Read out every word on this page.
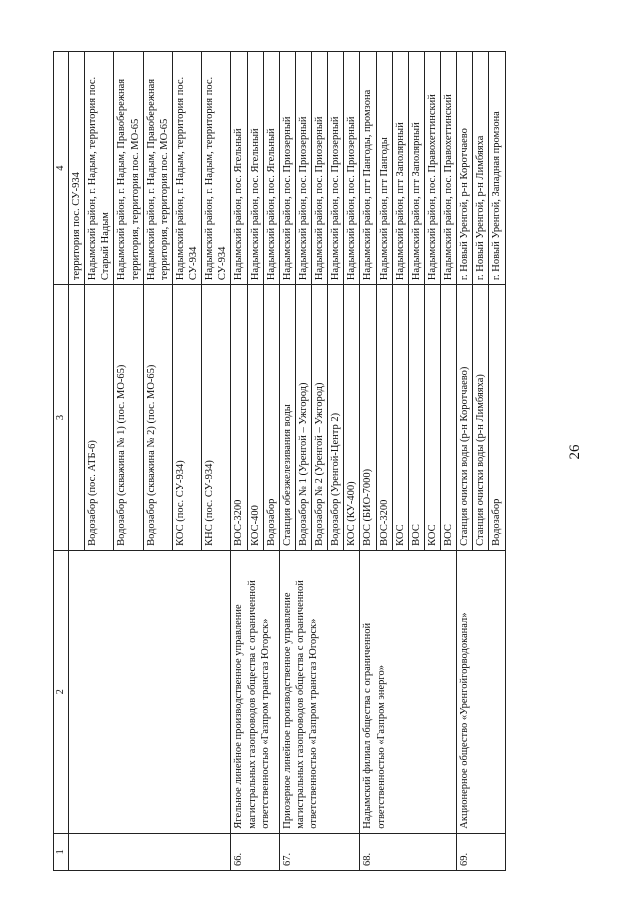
26
1	2	3	4
			территория пос. СУ-934
		Водозабор (пос. АТБ-6)	Надымский район, г. Надым, территория пос. Старый Надым
		Водозабор (скважина № 1) (пос. МО-65)	Надымский район, г. Надым, Правобережная территория, территория пос. МО-65
		Водозабор (скважина № 2) (пос. МО-65)	Надымский район, г. Надым, Правобережная территория, территория пос. МО-65
		КОС (пос. СУ-934)	Надымский район, г. Надым, территория пос. СУ-934
		КНС (пос. СУ-934)	Надымский район, г. Надым, территория пос. СУ-934
66.	Ягельное линейное производственное управление магистральных газопроводов общества с ограниченной ответственностью «Газпром трансгаз Югорск»	ВОС-3200	Надымский район, пос. Ягельный
		КОС-400	Надымский район, пос. Ягельный
		Водозабор	Надымский район, пос. Ягельный
67.	Приозерное линейное производственное управление магистральных газопроводов общества с ограниченной ответственностью «Газпром трансгаз Югорск»	Станция обезжелезивания воды	Надымский район, пос. Приозерный
		Водозабор № 1 (Уренгой – Ужгород)	Надымский район, пос. Приозерный
		Водозабор № 2 (Уренгой – Ужгород)	Надымский район, пос. Приозерный
		Водозабор (Уренгой-Центр 2)	Надымский район, пос. Приозерный
		КОС (КУ-400)	Надымский район, пос. Приозерный
68.	Надымский филиал общества с ограниченной ответственностью «Газпром энерго»	ВОС (БИО-7000)	Надымский район, пгт Пангоды, промзона
		ВОС-3200	Надымский район, пгт Пангоды
		КОС	Надымский район, пгт Заполярный
		ВОС	Надымский район, пгт Заполярный
		КОС	Надымский район, пос. Правохеттинский
		ВОС	Надымский район, пос. Правохеттинский
69.	Акционерное общество «Уренгойгорводоканал»	Станция очистки воды (р-н Коротчаево)	г. Новый Уренгой, р-н Коротчаево
		Станция очистки воды (р-н Лимбяяха)	г. Новый Уренгой, р-н Лимбяяха
		Водозабор	г. Новый Уренгой, Западная промзона
